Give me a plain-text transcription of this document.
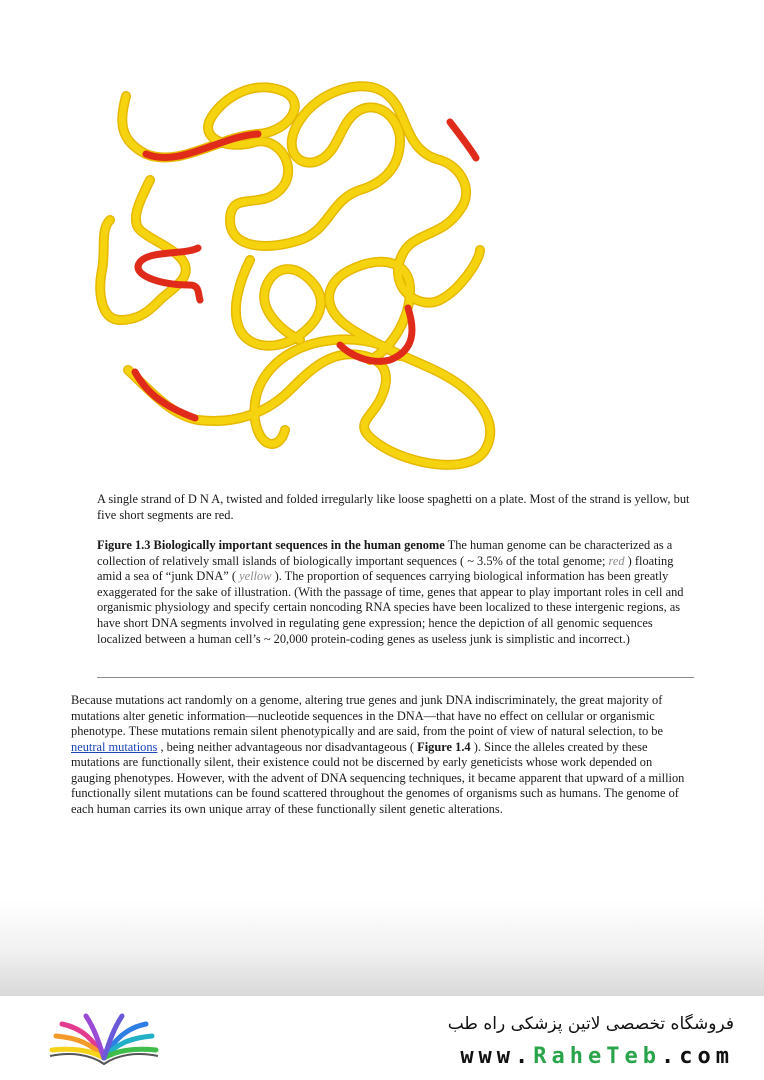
A single strand of D N A, twisted and folded irregularly like loose spaghetti on a plate. Most of the strand is yellow, but five short segments are red.
Figure 1.3 Biologically important sequences in the human genome The human genome can be characterized as a collection of relatively small islands of biologically important sequences ( ~ 3.5% of the total genome; red ) floating amid a sea of “junk DNA” ( yellow ). The proportion of sequences carrying biological information has been greatly exaggerated for the sake of illustration. (With the passage of time, genes that appear to play important roles in cell and organismic physiology and specify certain noncoding RNA species have been localized to these intergenic regions, as have short DNA segments involved in regulating gene expression; hence the depiction of all genomic sequences localized between a human cell’s ~ 20,000 protein-coding genes as useless junk is simplistic and incorrect.)
Because mutations act randomly on a genome, altering true genes and junk DNA indiscriminately, the great majority of mutations alter genetic information—nucleotide sequences in the DNA—that have no effect on cellular or organismic phenotype. These mutations remain silent phenotypically and are said, from the point of view of natural selection, to be neutral mutations , being neither advantageous nor disadvantageous ( Figure 1.4 ). Since the alleles created by these mutations are functionally silent, their existence could not be discerned by early geneticists whose work depended on gauging phenotypes. However, with the advent of DNA sequencing techniques, it became apparent that upward of a million functionally silent mutations can be found scattered throughout the genomes of organisms such as humans. The genome of each human carries its own unique array of these functionally silent genetic alterations.
فروشگاه تخصصی لاتین پزشکی راه طب
www.RaheTeb.com
